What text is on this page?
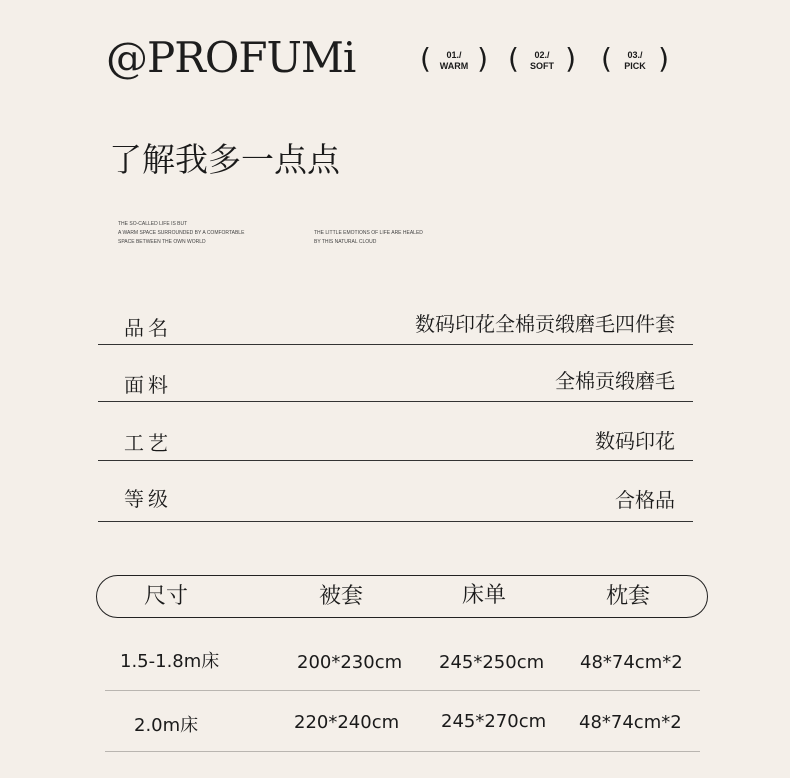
@PROFUMi
(	01./
WARM
)
( 02./
SOFT
)
( 03./
PICK
)
了解我多一点点
THE SO-CALLED LIFE IS BUT
A WARM SPACE SURROUNDED BY A COMFORTABLE
SPACE BETWEEN THE OWN WORLD
THE LITTLE EMOTIONS OF LIFE ARE HEALED
BY THIS NATURAL CLOUD
品名	数码印花全棉贡缎磨毛四件套
面料	全棉贡缎磨毛
工艺	数码印花
等级	合格品
尺寸	被套	床单	枕套
1.5-1.8m床	200*230cm 245*250cm 48*74cm*2
2.0m床	220*240cm 245*270cm 48*74cm*2
